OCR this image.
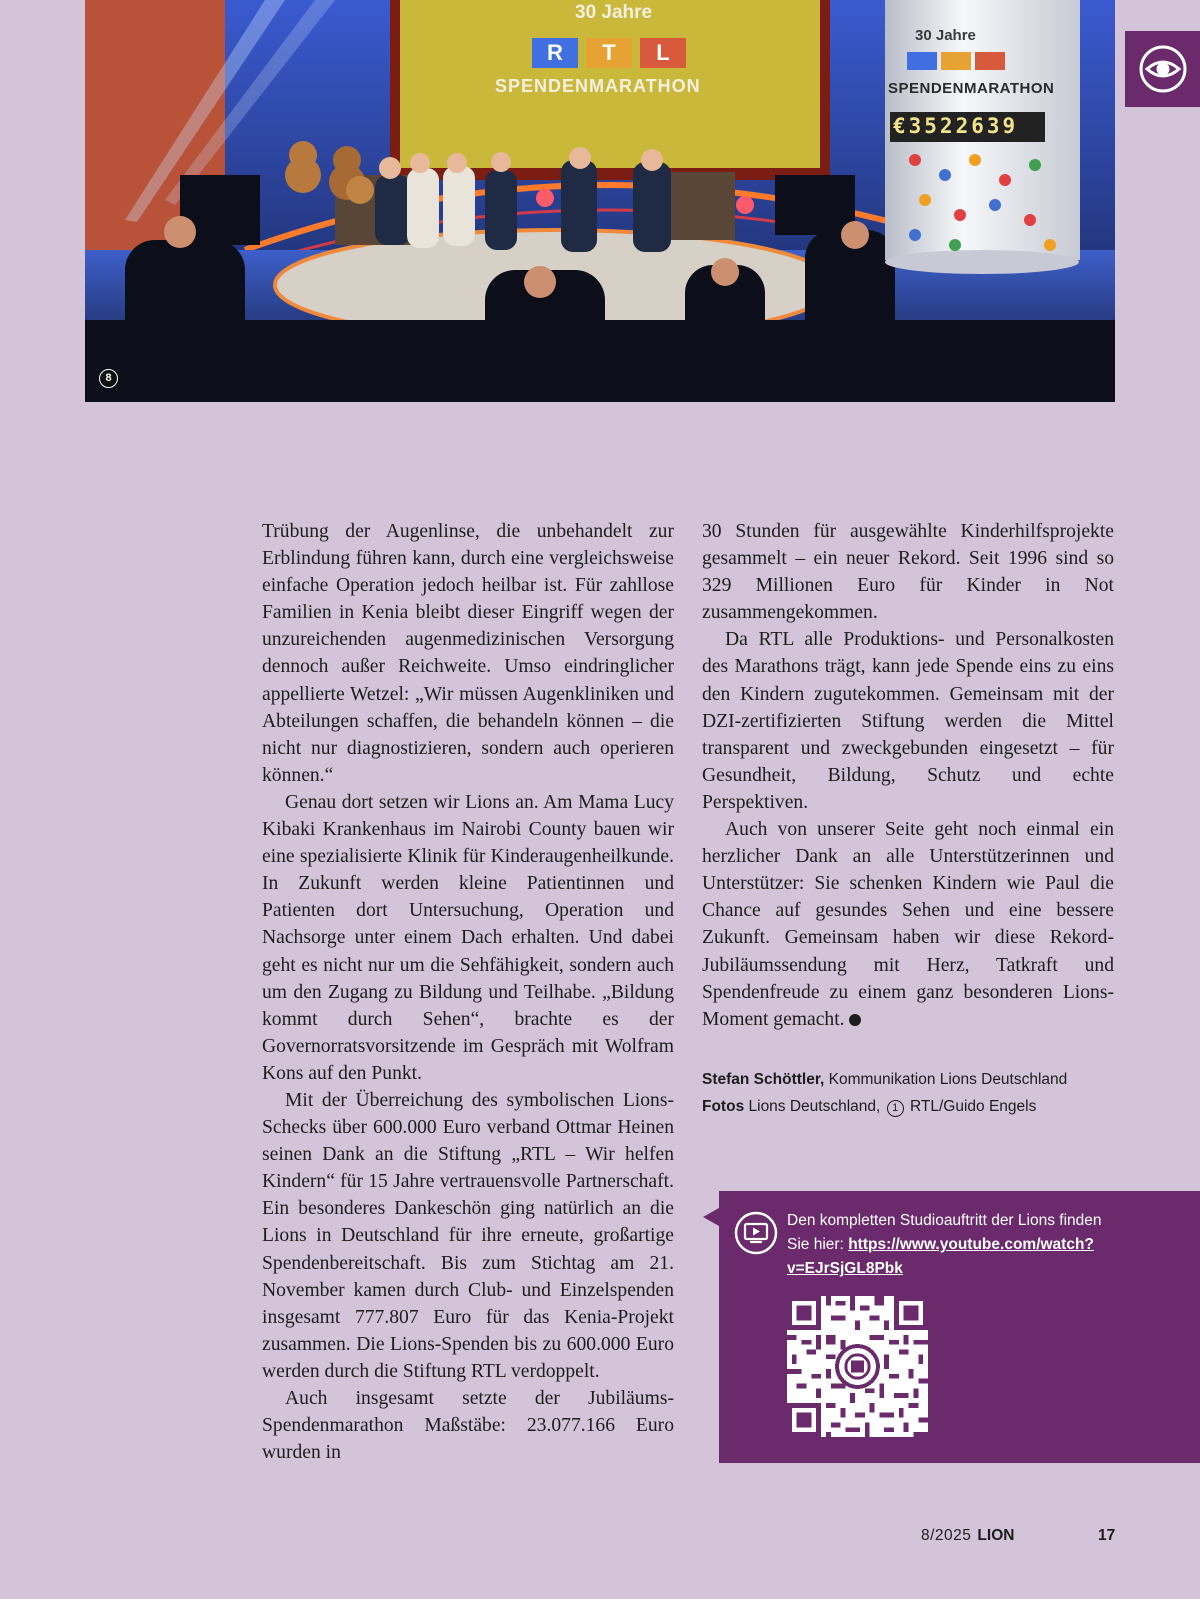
30 Jahre
R	T	L
SPENDENMARATHON
30 Jahre
SPENDENMARATHON
€3522639
8

Trübung der Augenlinse, die unbehandelt zur Erblindung führen kann, durch eine vergleichsweise einfache Operation jedoch heilbar ist. Für zahllose Familien in Kenia bleibt dieser Eingriff wegen der unzureichenden augenmedizinischen Versorgung dennoch außer Reichweite. Umso eindringlicher appellierte Wetzel: „Wir müssen Augenkliniken und Abteilungen schaffen, die behandeln können – die nicht nur diagnostizieren, sondern auch operieren können.“

Genau dort setzen wir Lions an. Am Mama Lucy Kibaki Krankenhaus im Nairobi County bauen wir eine spezialisierte Klinik für Kinderaugenheilkunde. In Zukunft werden kleine Patientinnen und Patienten dort Untersuchung, Operation und Nachsorge unter einem Dach erhalten. Und dabei geht es nicht nur um die Sehfähigkeit, sondern auch um den Zugang zu Bildung und Teilhabe. „Bildung kommt durch Sehen“, brachte es der Governorratsvorsitzende im Gespräch mit Wolfram Kons auf den Punkt.

Mit der Überreichung des symbolischen Lions-Schecks über 600.000 Euro verband Ottmar Heinen seinen Dank an die Stiftung „RTL – Wir helfen Kindern“ für 15 Jahre vertrauensvolle Partnerschaft. Ein besonderes Dankeschön ging natürlich an die Lions in Deutschland für ihre erneute, großartige Spendenbereitschaft. Bis zum Stichtag am 21. November kamen durch Club- und Einzelspenden insgesamt 777.807 Euro für das Kenia-Projekt zusammen. Die Lions-Spenden bis zu 600.000 Euro werden durch die Stiftung RTL verdoppelt.

Auch insgesamt setzte der Jubiläums-Spendenmarathon Maßstäbe: 23.077.166 Euro wurden in

30 Stunden für ausgewählte Kinderhilfsprojekte gesammelt – ein neuer Rekord. Seit 1996 sind so 329 Millionen Euro für Kinder in Not zusammengekommen.

Da RTL alle Produktions- und Personalkosten des Marathons trägt, kann jede Spende eins zu eins den Kindern zugutekommen. Gemeinsam mit der DZI-zertifizierten Stiftung werden die Mittel transparent und zweckgebunden eingesetzt – für Gesundheit, Bildung, Schutz und echte Perspektiven.

Auch von unserer Seite geht noch einmal ein herzlicher Dank an alle Unterstützerinnen und Unterstützer: Sie schenken Kindern wie Paul die Chance auf gesundes Sehen und eine bessere Zukunft. Gemeinsam haben wir diese Rekord-Jubiläumssendung mit Herz, Tatkraft und Spendenfreude zu einem ganz besonderen Lions-Moment gemacht.

Stefan Schöttler, Kommunikation Lions Deutschland
Fotos Lions Deutschland, 1 RTL/Guido Engels
Den kompletten Studioauftritt der Lions finden Sie hier: https://www.youtube.com/watch?v=EJrSjGL8Pbk
8/2025 LION	17
